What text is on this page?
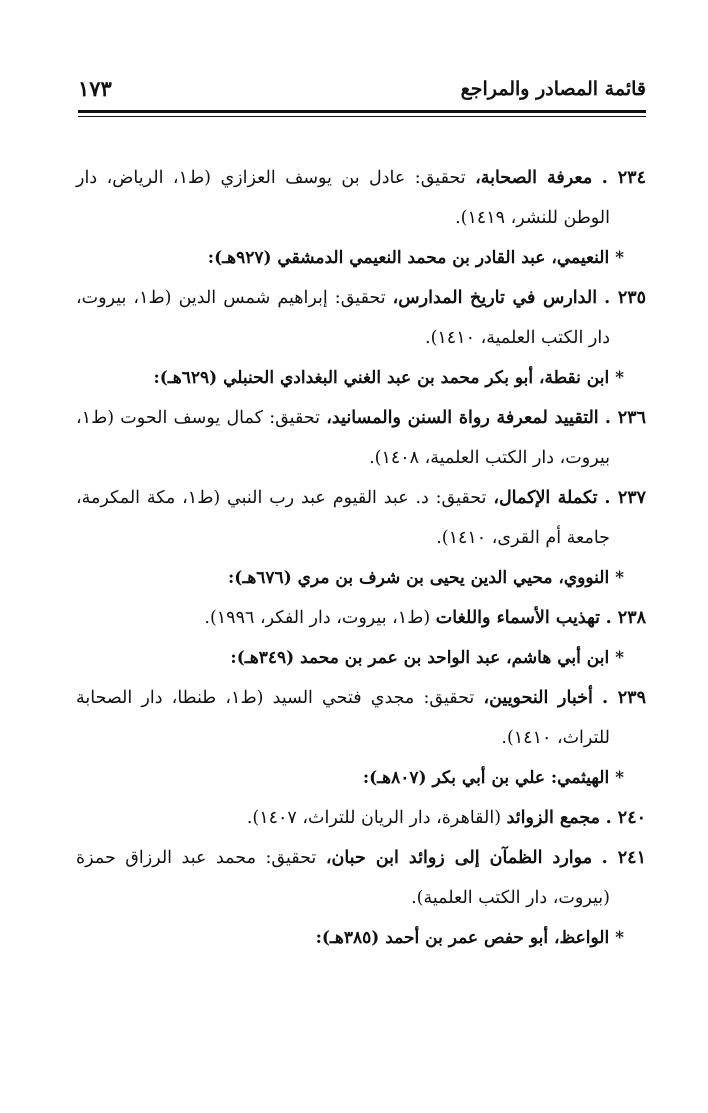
قائمة المصادر والمراجع
١٧٣
٢٣٤ . معرفة الصحابة، تحقيق: عادل بن يوسف العزازي (ط١، الرياض، دار الوطن للنشر، ١٤١٩).
* النعيمي، عبد القادر بن محمد النعيمي الدمشقي (٩٢٧هـ):
٢٣٥ . الدارس في تاريخ المدارس، تحقيق: إبراهيم شمس الدين (ط١، بيروت، دار الكتب العلمية، ١٤١٠).
* ابن نقطة، أبو بكر محمد بن عبد الغني البغدادي الحنبلي (٦٢٩هـ):
٢٣٦ . التقييد لمعرفة رواة السنن والمسانيد، تحقيق: كمال يوسف الحوت (ط١، بيروت، دار الكتب العلمية، ١٤٠٨).
٢٣٧ . تكملة الإكمال، تحقيق: د. عبد القيوم عبد رب النبي (ط١، مكة المكرمة، جامعة أم القرى، ١٤١٠).
* النووي، محيي الدين يحيى بن شرف بن مري (٦٧٦هـ):
٢٣٨ . تهذيب الأسماء واللغات (ط١، بيروت، دار الفكر، ١٩٩٦).
* ابن أبي هاشم، عبد الواحد بن عمر بن محمد (٣٤٩هـ):
٢٣٩ . أخبار النحويين، تحقيق: مجدي فتحي السيد (ط١، طنطا، دار الصحابة للتراث، ١٤١٠).
* الهيثمي: علي بن أبي بكر (٨٠٧هـ):
٢٤٠ . مجمع الزوائد (القاهرة، دار الريان للتراث، ١٤٠٧).
٢٤١ . موارد الظمآن إلى زوائد ابن حبان، تحقيق: محمد عبد الرزاق حمزة (بيروت، دار الكتب العلمية).
* الواعظ، أبو حفص عمر بن أحمد (٣٨٥هـ):
